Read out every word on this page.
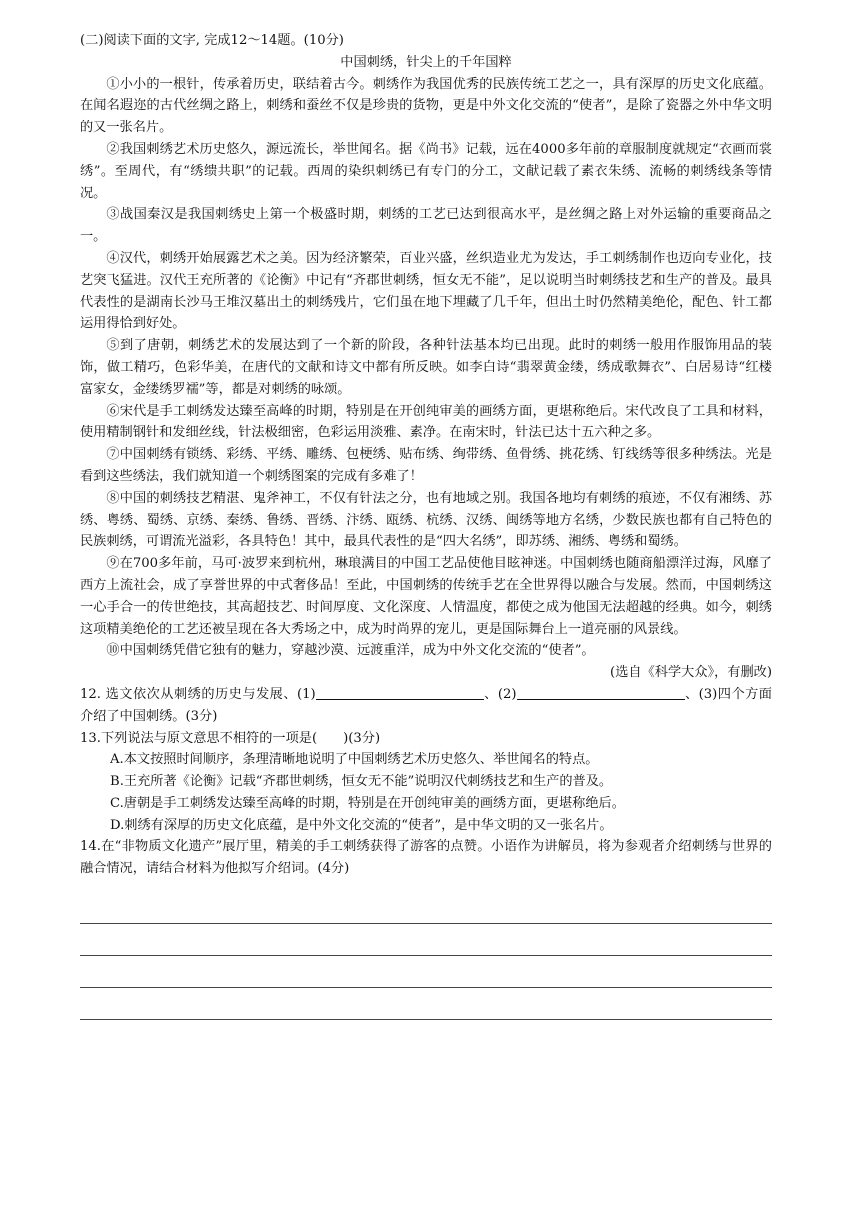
(二)阅读下面的文字, 完成12～14题。(10分)

中国刺绣，针尖上的千年国粹

①小小的一根针，传承着历史，联结着古今。刺绣作为我国优秀的民族传统工艺之一，具有深厚的历史文化底蕴。在闻名遐迩的古代丝绸之路上，刺绣和蚕丝不仅是珍贵的货物，更是中外文化交流的“使者”，是除了瓷器之外中华文明的又一张名片。

②我国刺绣艺术历史悠久，源远流长，举世闻名。据《尚书》记载，远在4000多年前的章服制度就规定“衣画而裳绣”。至周代，有“绣缋共职”的记载。西周的染织刺绣已有专门的分工，文献记载了素衣朱绣、流畅的刺绣线条等情况。

③战国秦汉是我国刺绣史上第一个极盛时期，刺绣的工艺已达到很高水平，是丝绸之路上对外运输的重要商品之一。

④汉代，刺绣开始展露艺术之美。因为经济繁荣，百业兴盛，丝织造业尤为发达，手工刺绣制作也迈向专业化，技艺突飞猛进。汉代王充所著的《论衡》中记有“齐郡世刺绣，恒女无不能”，足以说明当时刺绣技艺和生产的普及。最具代表性的是湖南长沙马王堆汉墓出土的刺绣残片，它们虽在地下埋藏了几千年，但出土时仍然精美绝伦，配色、针工都运用得恰到好处。

⑤到了唐朝，刺绣艺术的发展达到了一个新的阶段，各种针法基本均已出现。此时的刺绣一般用作服饰用品的装饰，做工精巧，色彩华美，在唐代的文献和诗文中都有所反映。如李白诗“翡翠黄金缕，绣成歌舞衣”、白居易诗“红楼富家女，金缕绣罗襦”等，都是对刺绣的咏颂。

⑥宋代是手工刺绣发达臻至高峰的时期，特别是在开创纯审美的画绣方面，更堪称绝后。宋代改良了工具和材料，使用精制钢针和发细丝线，针法极细密，色彩运用淡雅、素净。在南宋时，针法已达十五六种之多。

⑦中国刺绣有锁绣、彩绣、平绣、雕绣、包梗绣、贴布绣、绚带绣、鱼骨绣、挑花绣、钉线绣等很多种绣法。光是看到这些绣法，我们就知道一个刺绣图案的完成有多难了！

⑧中国的刺绣技艺精湛、鬼斧神工，不仅有针法之分，也有地域之别。我国各地均有刺绣的痕迹，不仅有湘绣、苏绣、粤绣、蜀绣、京绣、秦绣、鲁绣、晋绣、汴绣、瓯绣、杭绣、汉绣、闽绣等地方名绣，少数民族也都有自己特色的民族刺绣，可谓流光溢彩，各具特色！其中，最具代表性的是“四大名绣”，即苏绣、湘绣、粤绣和蜀绣。

⑨在700多年前，马可·波罗来到杭州，琳琅满目的中国工艺品使他目眩神迷。中国刺绣也随商船漂洋过海，风靡了西方上流社会，成了享誉世界的中式奢侈品！至此，中国刺绣的传统手艺在全世界得以融合与发展。然而，中国刺绣这一心手合一的传世绝技，其高超技艺、时间厚度、文化深度、人情温度，都使之成为他国无法超越的经典。如今，刺绣这项精美绝伦的工艺还被呈现在各大秀场之中，成为时尚界的宠儿，更是国际舞台上一道亮丽的风景线。

⑩中国刺绣凭借它独有的魅力，穿越沙漠、远渡重洋，成为中外文化交流的“使者”。

(选自《科学大众》，有删改)

12. 选文依次从刺绣的历史与发展、(1)	、(2)	、(3)四个方面介绍了中国刺绣。(3分)

13.下列说法与原文意思不相符的一项是( )(3分)

A.本文按照时间顺序，条理清晰地说明了中国刺绣艺术历史悠久、举世闻名的特点。

B.王充所著《论衡》记载“齐郡世刺绣，恒女无不能”说明汉代刺绣技艺和生产的普及。

C.唐朝是手工刺绣发达臻至高峰的时期，特别是在开创纯审美的画绣方面，更堪称绝后。

D.刺绣有深厚的历史文化底蕴，是中外文化交流的“使者”，是中华文明的又一张名片。

14.在“非物质文化遗产”展厅里，精美的手工刺绣获得了游客的点赞。小语作为讲解员，将为参观者介绍刺绣与世界的融合情况，请结合材料为他拟写介绍词。(4分)
